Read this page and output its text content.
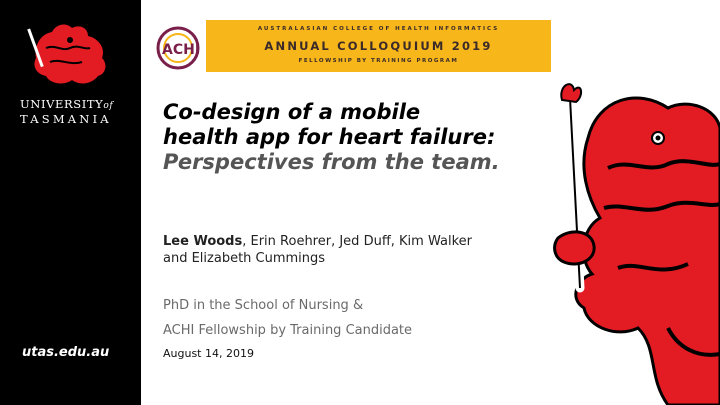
UNIVERSITYof
TASMANIA
utas.edu.au
ACHI
AUSTRALASIAN COLLEGE OF HEALTH INFORMATICS
ANNUAL COLLOQUIUM 2019
FELLOWSHIP BY TRAINING PROGRAM
Co-design of a mobile
health app for heart failure:
Perspectives from the team.
Lee Woods, Erin Roehrer, Jed Duff, Kim Walker
and Elizabeth Cummings
PhD in the School of Nursing &
ACHI Fellowship by Training Candidate
August 14, 2019
